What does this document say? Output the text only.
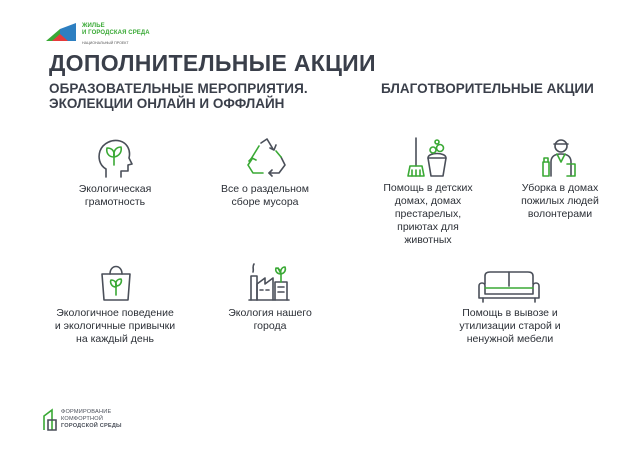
ЖИЛЬЕ
И ГОРОДСКАЯ СРЕДА
НАЦИОНАЛЬНЫЙ ПРОЕКТ
ДОПОЛНИТЕЛЬНЫЕ АКЦИИ
ОБРАЗОВАТЕЛЬНЫЕ МЕРОПРИЯТИЯ.
ЭКОЛЕКЦИИ ОНЛАЙН И ОФФЛАЙН
БЛАГОТВОРИТЕЛЬНЫЕ АКЦИИ
Экологическая
грамотность
Все о раздельном
сборе мусора
Помощь в детских
домах, домах
престарелых,
приютах для
животных
Уборка в домах
пожилых людей
волонтерами
Экологичное поведение
и экологичные привычки
на каждый день
Экология нашего
города
Помощь в вывозе и
утилизации старой и
ненужной мебели
ФОРМИРОВАНИЕ
КОМФОРТНОЙ
ГОРОДСКОЙ СРЕДЫ
